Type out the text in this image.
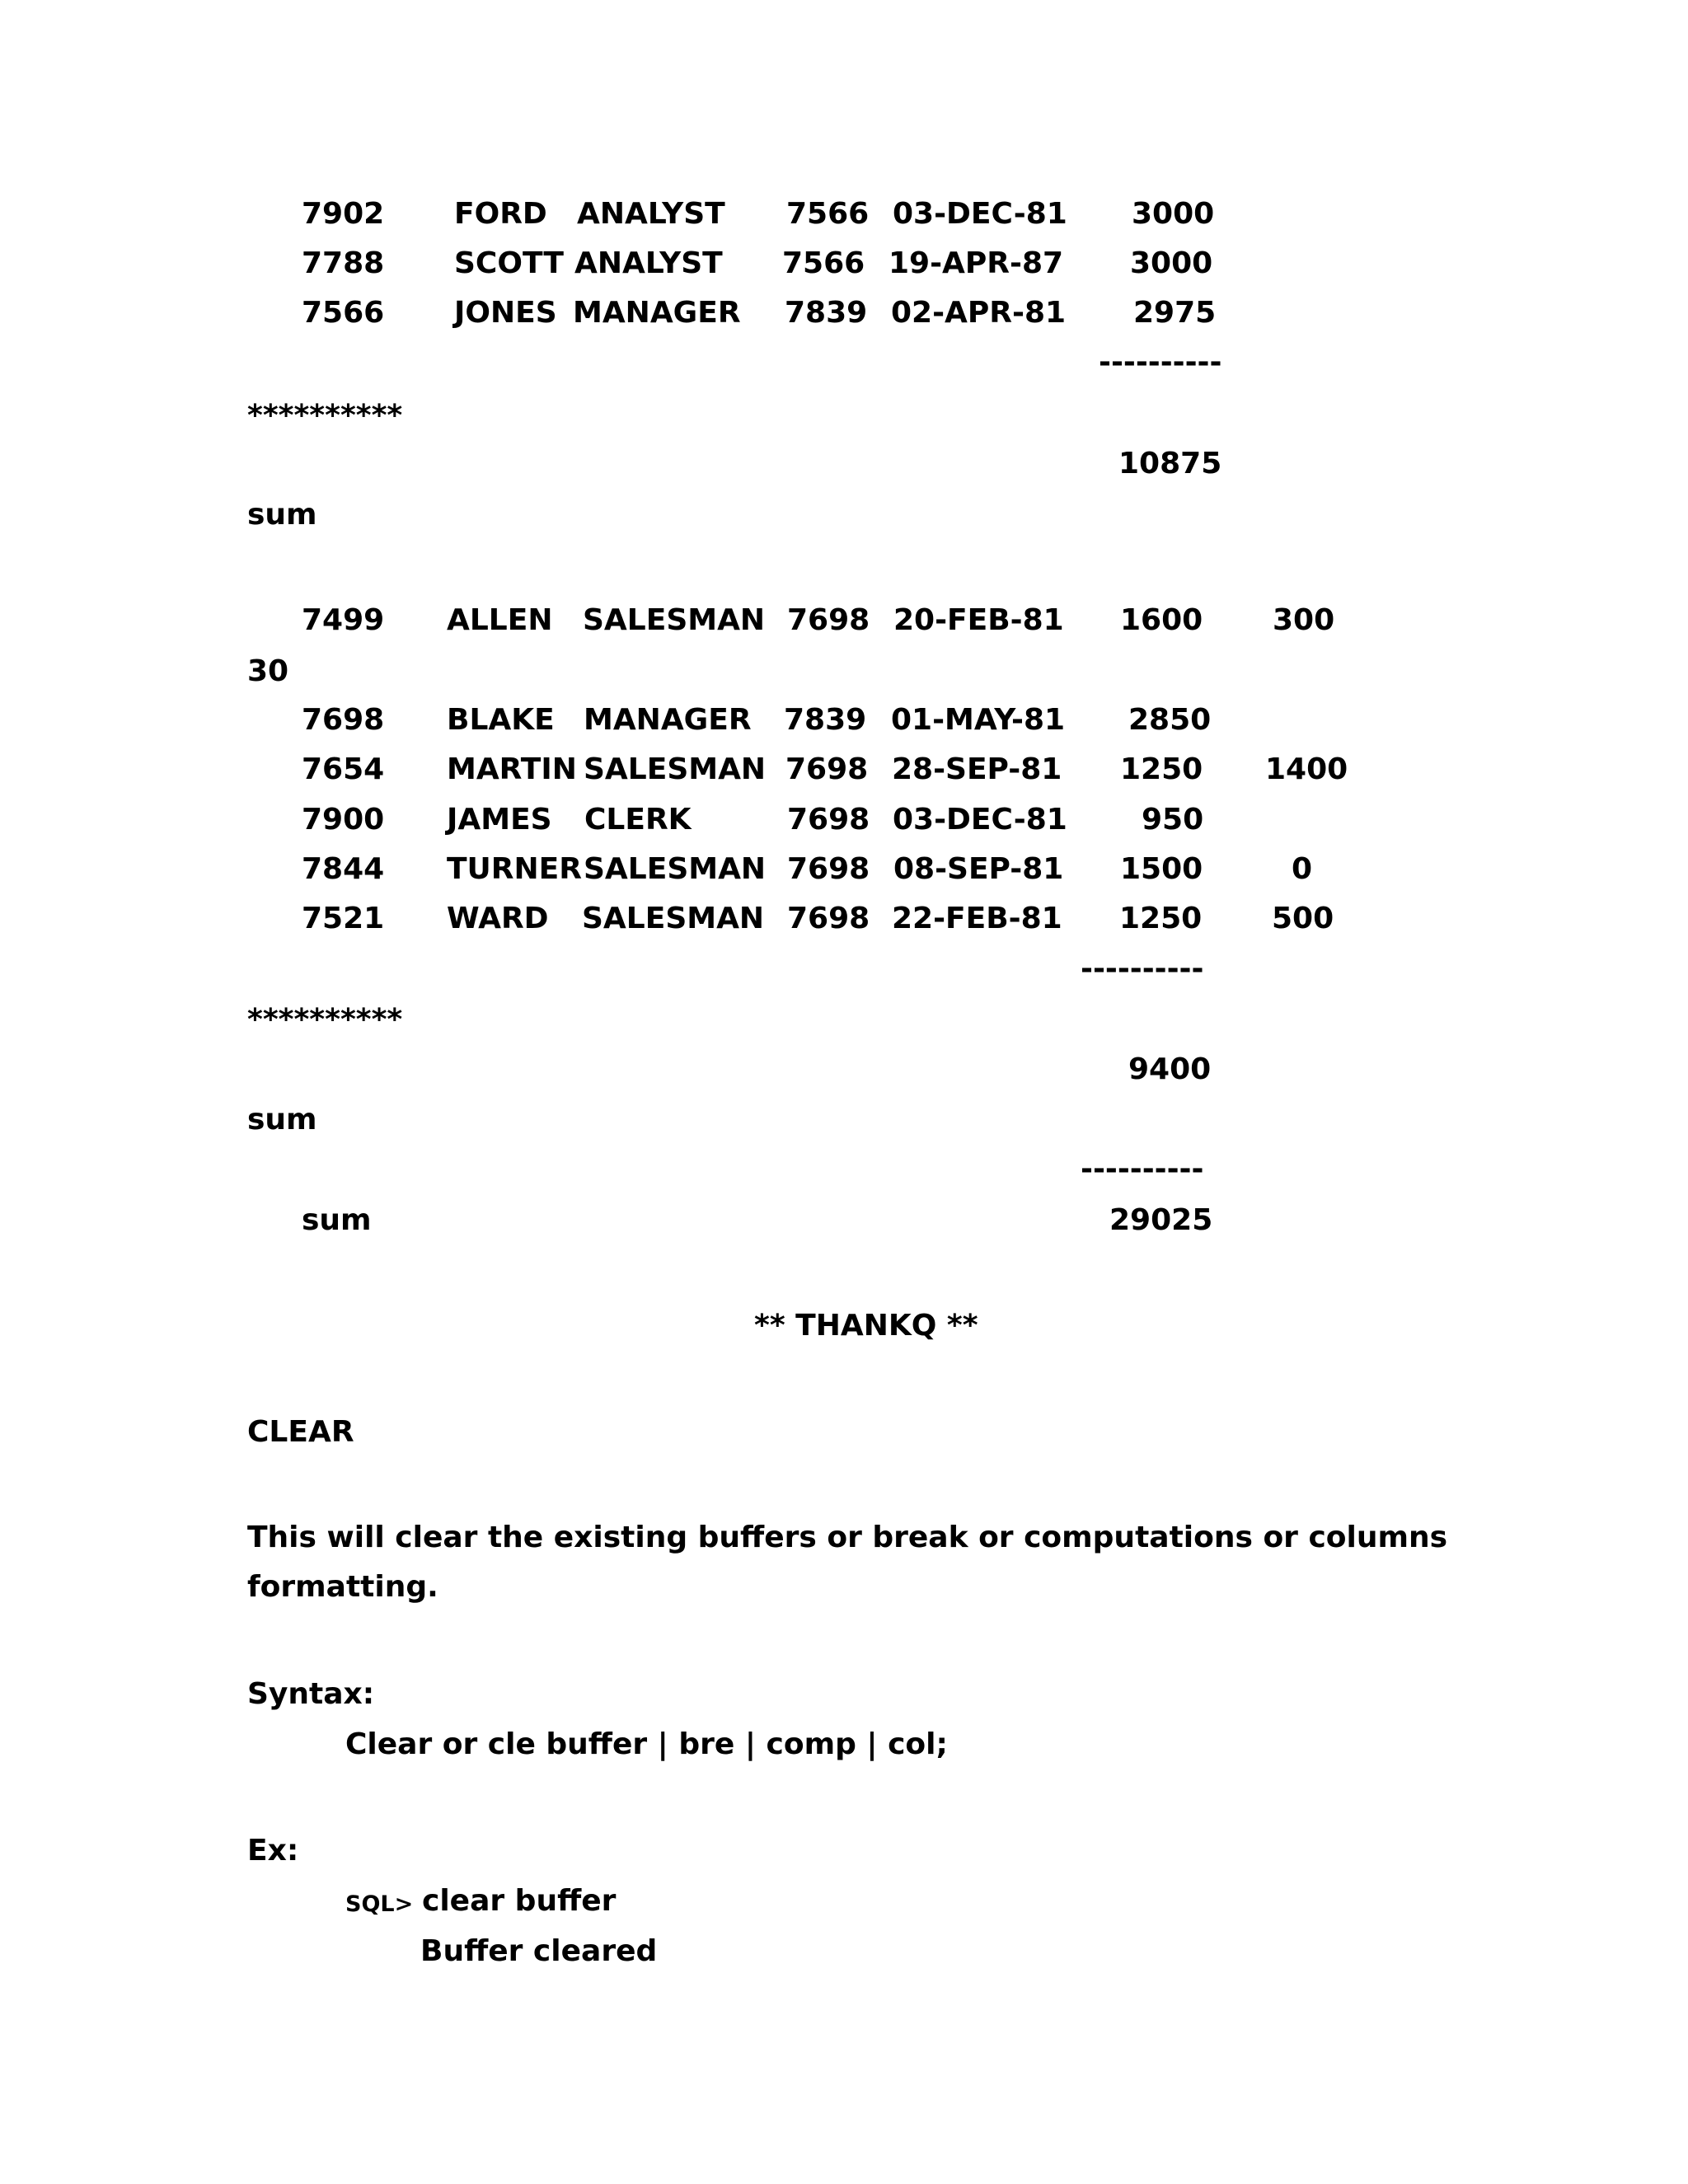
7902 FORD ANALYST 7566 03-DEC-81 3000
7788 SCOTT ANALYST 7566 19-APR-87 3000
7566 JONES MANAGER 7839 02-APR-81 2975
----------
**********
10875
sum
7499 ALLEN SALESMAN 7698 20-FEB-81 1600 300
30
7698 BLAKE MANAGER 7839 01-MAY-81 2850
7654 MARTIN SALESMAN 7698 28-SEP-81 1250 1400
7900 JAMES CLERK	7698 03-DEC-81	950
7844 TURNER SALESMAN 7698 08-SEP-81 1500	0
7521 WARD SALESMAN 7698 22-FEB-81 1250 500
----------
**********
9400
sum
----------
sum	29025
** THANKQ **
CLEAR
This will clear the existing buffers or break or computations or columns
formatting.
Syntax:
Clear or cle buffer | bre | comp | col;
Ex:
SQL> clear buffer
Buffer cleared
